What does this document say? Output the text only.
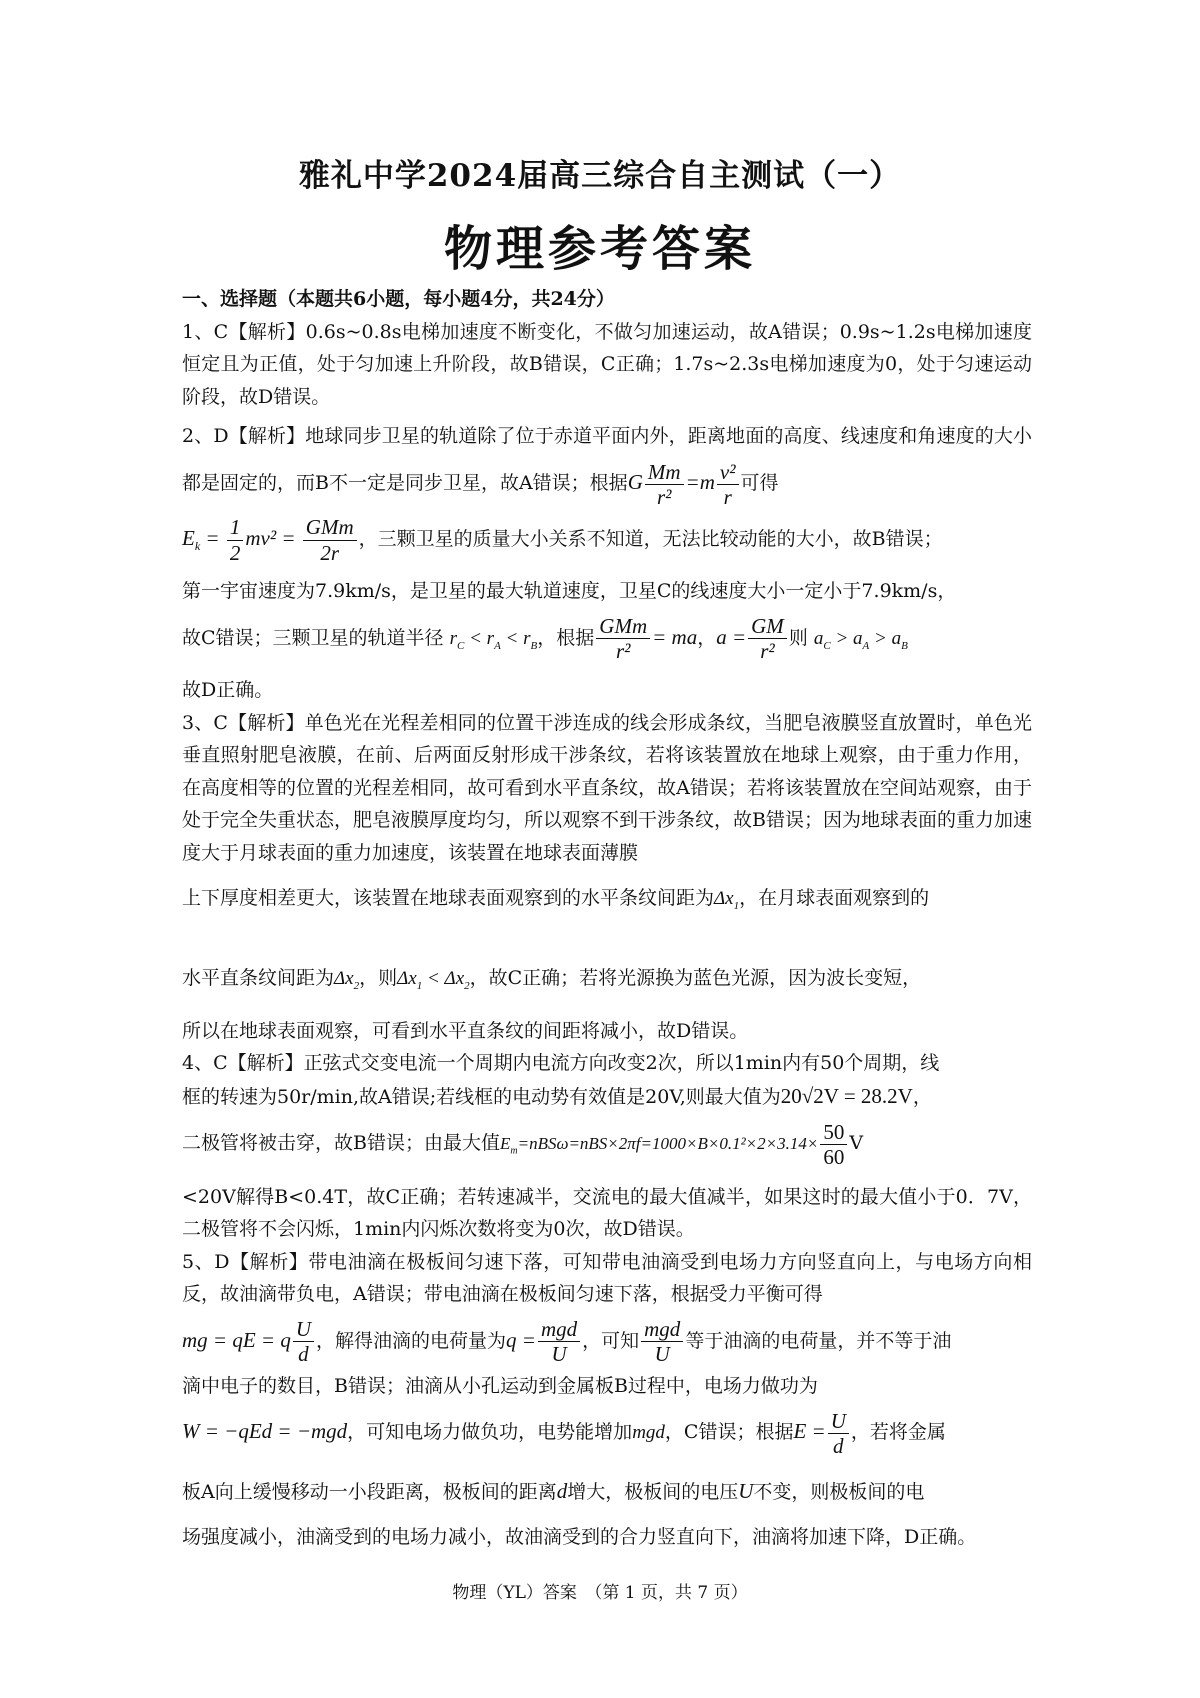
雅礼中学2024届高三综合自主测试（一）
物理参考答案
一、选择题（本题共6小题，每小题4分，共24分）

1、C【解析】0.6s~0.8s电梯加速度不断变化，不做匀加速运动，故A错误；0.9s~1.2s电梯加速度恒定且为正值，处于匀加速上升阶段，故B错误，C正确；1.7s~2.3s电梯加速度为0，处于匀速运动阶段，故D错误。

2、D【解析】地球同步卫星的轨道除了位于赤道平面内外，距离地面的高度、线速度和角速度的大小都是固定的，而B不一定是同步卫星，故A错误；根据G $\frac{Mm}{\text{r²}} =m \frac{\text{v²}}{r}$ 可得

$E_k = \frac{1}{2} mv^2 = \frac{\text{GMm}}{2r}$ ，三颗卫星的质量大小关系不知道，无法比较动能的大小，故B错误；

第一宇宙速度为7.9km/s，是卫星的最大轨道速度，卫星C的线速度大小一定小于7.9km/s，

故C错误；三颗卫星的轨道半径 $r_C < r_A < r_B$，根据 $\frac{\text{GMm}}{\text{r²}}$ = ma，$a = \frac{GM}{\text{r²}}$ 则 $a_C > a_A > a_B$

故D正确。

3、C【解析】单色光在光程差相同的位置干涉连成的线会形成条纹，当肥皂液膜竖直放置时，单色光垂直照射肥皂液膜，在前、后两面反射形成干涉条纹，若将该装置放在地球上观察，由于重力作用，在高度相等的位置的光程差相同，故可看到水平直条纹，故A错误；若将该装置放在空间站观察，由于处于完全失重状态，肥皂液膜厚度均匀，所以观察不到干涉条纹，故B错误；因为地球表面的重力加速度大于月球表面的重力加速度，该装置在地球表面薄膜

上下厚度相差更大，该装置在地球表面观察到的水平条纹间距为$\Delta x_1$，在月球表面观察到的

水平直条纹间距为$\Delta x_2$，则$\Delta x_1 < \Delta x_2$，故C正确；若将光源换为蓝色光源，因为波长变短，

所以在地球表面观察，可看到水平直条纹的间距将减小，故D错误。

4、C【解析】正弦式交变电流一个周期内电流方向改变2次，所以1min内有50个周期，线

框的转速为50r/min,故A错误;若线框的电动势有效值是20V,则最大值为20√2V = 28.2V，

二极管将被击穿，故B错误；由最大值$E_m=nBS\omega=nBS\times 2\pi f=1000\times B\times 0.1^2\times 2\times 3.14\times \frac{50}{60}$ V

<20V解得B<0.4T，故C正确；若转速减半，交流电的最大值减半，如果这时的最大值小于0．7V，二极管将不会闪烁，1min内闪烁次数将变为0次，故D错误。

5、D【解析】带电油滴在极板间匀速下落，可知带电油滴受到电场力方向竖直向上，与电场方向相反，故油滴带负电，A错误；带电油滴在极板间匀速下落，根据受力平衡可得

mg = qE = q $\frac{U}{d}$ ，解得油滴的电荷量为$q = \frac{\text{mgd}}{U}$ ，可知 $\frac{\text{mgd}}{U}$ 等于油滴的电荷量，并不等于油

滴中电子的数目，B错误；油滴从小孔运动到金属板B过程中，电场力做功为

W = −qEd = −mgd，可知电场力做负功，电势能增加mgd，C错误；根据$E = \frac{U}{d}$ ，若将金属

板A向上缓慢移动一小段距离，极板间的距离d增大，极板间的电压U不变，则极板间的电

场强度减小，油滴受到的电场力减小，故油滴受到的合力竖直向下，油滴将加速下降，D正确。

物理（YL）答案　（第 1 页，共 7 页）
